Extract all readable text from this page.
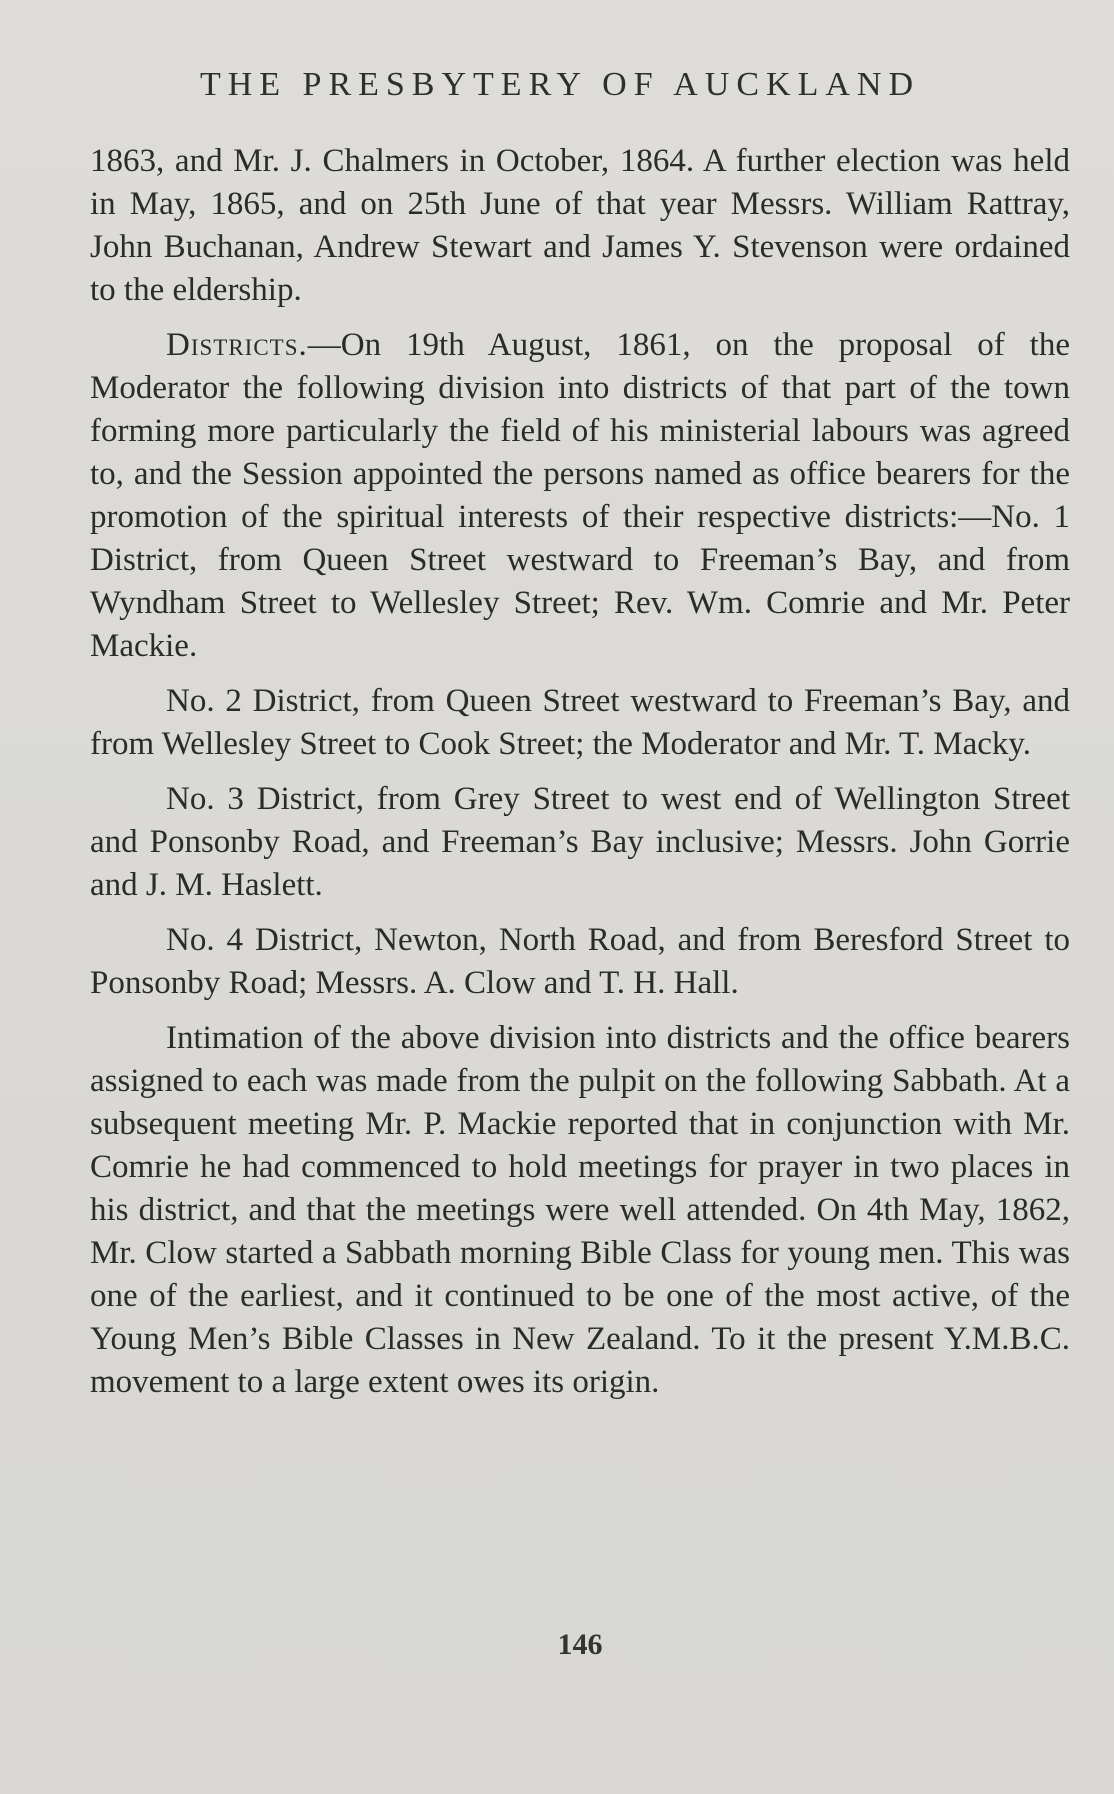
THE PRESBYTERY OF AUCKLAND

1863, and Mr. J. Chalmers in October, 1864. A further election was held in May, 1865, and on 25th June of that year Messrs. William Rattray, John Buchanan, Andrew Stewart and James Y. Stevenson were ordained to the eldership.

Districts.—On 19th August, 1861, on the proposal of the Moderator the following division into districts of that part of the town forming more particularly the field of his ministerial labours was agreed to, and the Session appointed the persons named as office bearers for the promotion of the spiritual interests of their respective districts:—No. 1 District, from Queen Street westward to Freeman’s Bay, and from Wyndham Street to Wellesley Street; Rev. Wm. Comrie and Mr. Peter Mackie.

No. 2 District, from Queen Street westward to Freeman’s Bay, and from Wellesley Street to Cook Street; the Moderator and Mr. T. Macky.

No. 3 District, from Grey Street to west end of Wellington Street and Ponsonby Road, and Freeman’s Bay inclusive; Messrs. John Gorrie and J. M. Haslett.

No. 4 District, Newton, North Road, and from Beresford Street to Ponsonby Road; Messrs. A. Clow and T. H. Hall.

Intimation of the above division into districts and the office bearers assigned to each was made from the pulpit on the following Sabbath. At a subsequent meeting Mr. P. Mackie reported that in conjunction with Mr. Comrie he had commenced to hold meetings for prayer in two places in his district, and that the meetings were well attended. On 4th May, 1862, Mr. Clow started a Sabbath morning Bible Class for young men. This was one of the earliest, and it continued to be one of the most active, of the Young Men’s Bible Classes in New Zealand. To it the present Y.M.B.C. movement to a large extent owes its origin.

146
